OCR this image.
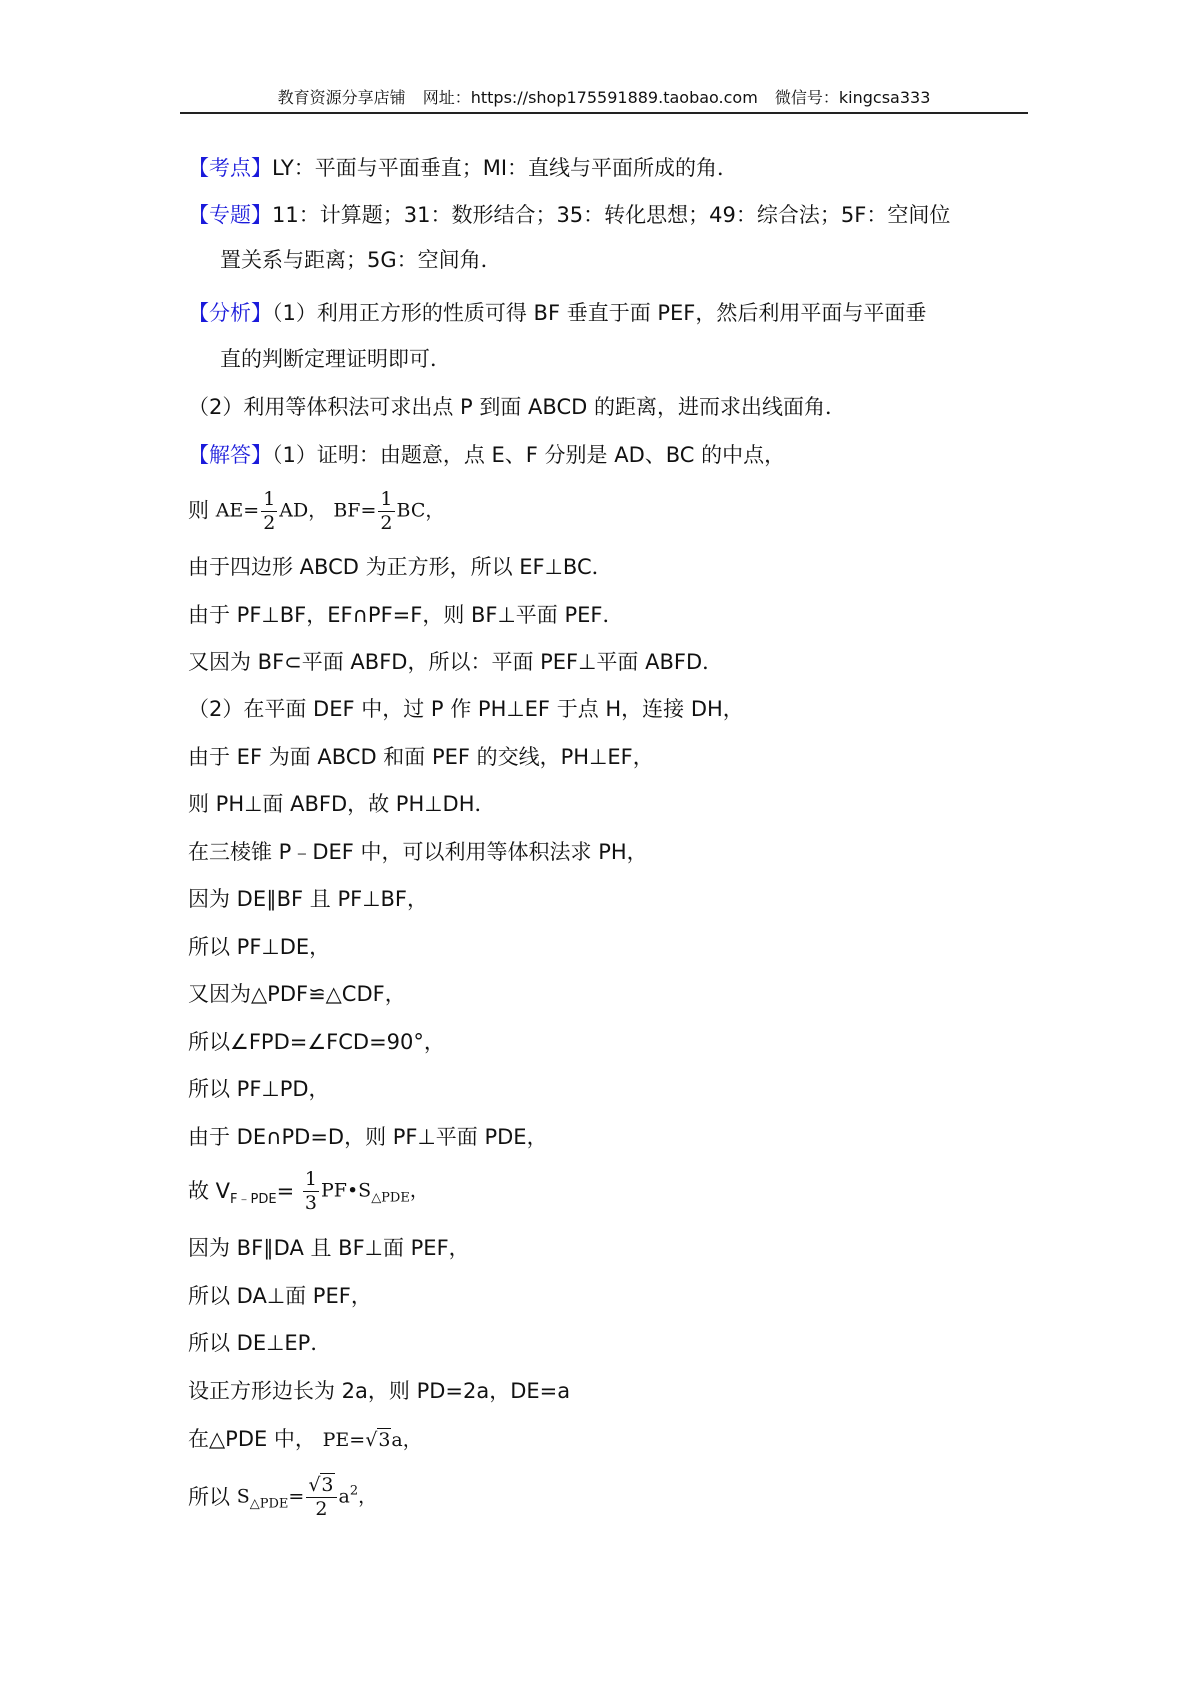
教育资源分享店铺 网址：https://shop175591889.taobao.com 微信号：kingcsa333
【考点】LY：平面与平面垂直；MI：直线与平面所成的角．
【专题】11：计算题；31：数形结合；35：转化思想；49：综合法；5F：空间位
置关系与距离；5G：空间角．
【分析】（1）利用正方形的性质可得 BF 垂直于面 PEF，然后利用平面与平面垂
直的判断定理证明即可．
（2）利用等体积法可求出点 P 到面 ABCD 的距离，进而求出线面角．
【解答】（1）证明：由题意，点 E、F 分别是 AD、BC 的中点，
则 $AE= \frac{1}{2}$ AD， $BF= \frac{1}{2}$ BC，
由于四边形 ABCD 为正方形，所以 EF⊥BC．
由于 PF⊥BF，EF∩PF=F，则 BF⊥平面 PEF．
又因为 BF⊂平面 ABFD，所以：平面 PEF⊥平面 ABFD．
（2）在平面 DEF 中，过 P 作 PH⊥EF 于点 H，连接 DH，
由于 EF 为面 ABCD 和面 PEF 的交线，PH⊥EF，
则 PH⊥面 ABFD，故 PH⊥DH．
在三棱锥 P﹣DEF 中，可以利用等体积法求 PH，
因为 DE∥BF 且 PF⊥BF，
所以 PF⊥DE，
又因为△PDF≌△CDF，
所以∠FPD=∠FCD=90°，
所以 PF⊥PD，
由于 DE∩PD=D，则 PF⊥平面 PDE，
故 $V_{F﹣PDE}= \frac{1}{3}$ $PF•S_{\triangle PDE}$，
因为 BF∥DA 且 BF⊥面 PEF，
所以 DA⊥面 PEF，
所以 DE⊥EP．
设正方形边长为 2a，则 PD=2a，DE=a
在△PDE 中， PE=√3a，
所以 $S_{\triangle PDE}= \frac{√3}{2} a^2$，
